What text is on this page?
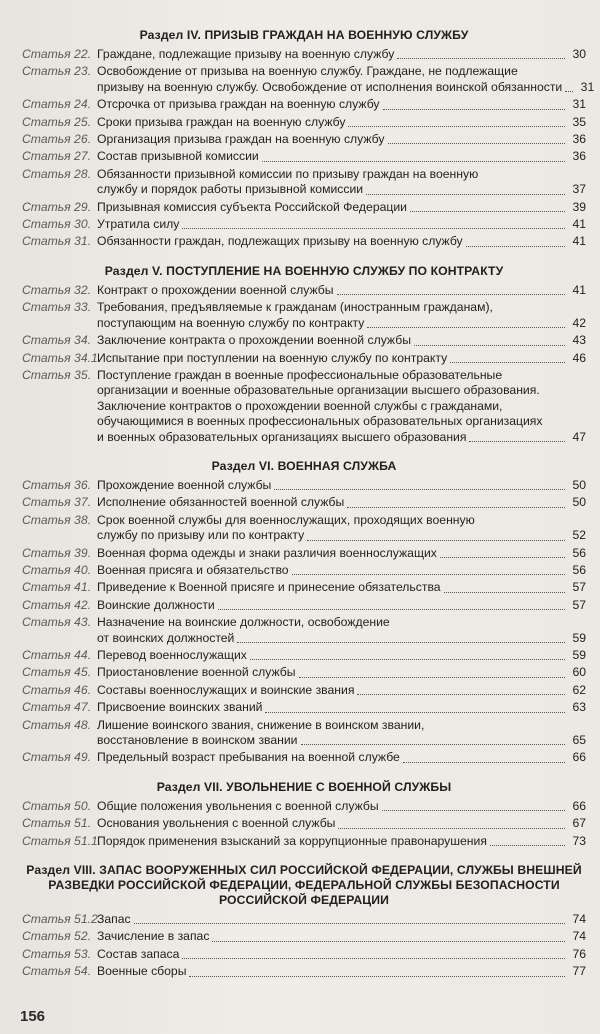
Раздел IV. ПРИЗЫВ ГРАЖДАН НА ВОЕННУЮ СЛУЖБУ
Статья 22. Граждане, подлежащие призыву на военную службу	30
Статья 23. Освобождение от призыва на военную службу. Граждане, не подлежащие
призыву на военную службу. Освобождение от исполнения воинской обязанности	31
Статья 24. Отсрочка от призыва граждан на военную службу	31
Статья 25. Сроки призыва граждан на военную службу	35
Статья 26. Организация призыва граждан на военную службу	36
Статья 27. Состав призывной комиссии	36
Статья 28. Обязанности призывной комиссии по призыву граждан на военную
службу и порядок работы призывной комиссии	37
Статья 29. Призывная комиссия субъекта Российской Федерации	39
Статья 30. Утратила силу	41
Статья 31. Обязанности граждан, подлежащих призыву на военную службу	41
Раздел V. ПОСТУПЛЕНИЕ НА ВОЕННУЮ СЛУЖБУ ПО КОНТРАКТУ
Статья 32. Контракт о прохождении военной службы	41
Статья 33. Требования, предъявляемые к гражданам (иностранным гражданам),
поступающим на военную службу по контракту	42
Статья 34. Заключение контракта о прохождении военной службы	43
Статья 34.1.
Испытание при поступлении на военную службу по контракту	46
Статья 35. Поступление граждан в военные профессиональные образовательные
организации и военные образовательные организации высшего образования.
Заключение контрактов о прохождении военной службы с гражданами,
обучающимися в военных профессиональных образовательных организациях
и военных образовательных организациях высшего образования	47
Раздел VI. ВОЕННАЯ СЛУЖБА
Статья 36. Прохождение военной службы	50
Статья 37. Исполнение обязанностей военной службы	50
Статья 38. Срок военной службы для военнослужащих, проходящих военную
службу по призыву или по контракту	52
Статья 39. Военная форма одежды и знаки различия военнослужащих	56
Статья 40. Военная присяга и обязательство	56
Статья 41. Приведение к Военной присяге и принесение обязательства	57
Статья 42. Воинские должности	57
Статья 43. Назначение на воинские должности, освобождение
от воинских должностей	59
Статья 44. Перевод военнослужащих	59
Статья 45. Приостановление военной службы	60
Статья 46. Составы военнослужащих и воинские звания	62
Статья 47. Присвоение воинских званий	63
Статья 48. Лишение воинского звания, снижение в воинском звании,
восстановление в воинском звании	65
Статья 49. Предельный возраст пребывания на военной службе	66
Раздел VII. УВОЛЬНЕНИЕ С ВОЕННОЙ СЛУЖБЫ
Статья 50. Общие положения увольнения с военной службы	66
Статья 51. Основания увольнения с военной службы	67
Статья 51.1.
Порядок применения взысканий за коррупционные правонарушения	73
Раздел VIII. ЗАПАС ВООРУЖЕННЫХ СИЛ РОССИЙСКОЙ ФЕДЕРАЦИИ, СЛУЖБЫ ВНЕШНЕЙ РАЗВЕДКИ РОССИЙСКОЙ ФЕДЕРАЦИИ, ФЕДЕРАЛЬНОЙ СЛУЖБЫ БЕЗОПАСНОСТИ РОССИЙСКОЙ ФЕДЕРАЦИИ
Статья 51.2.
Запас	74
Статья 52. Зачисление в запас	74
Статья 53. Состав запаса	76
Статья 54. Военные сборы	77
156
